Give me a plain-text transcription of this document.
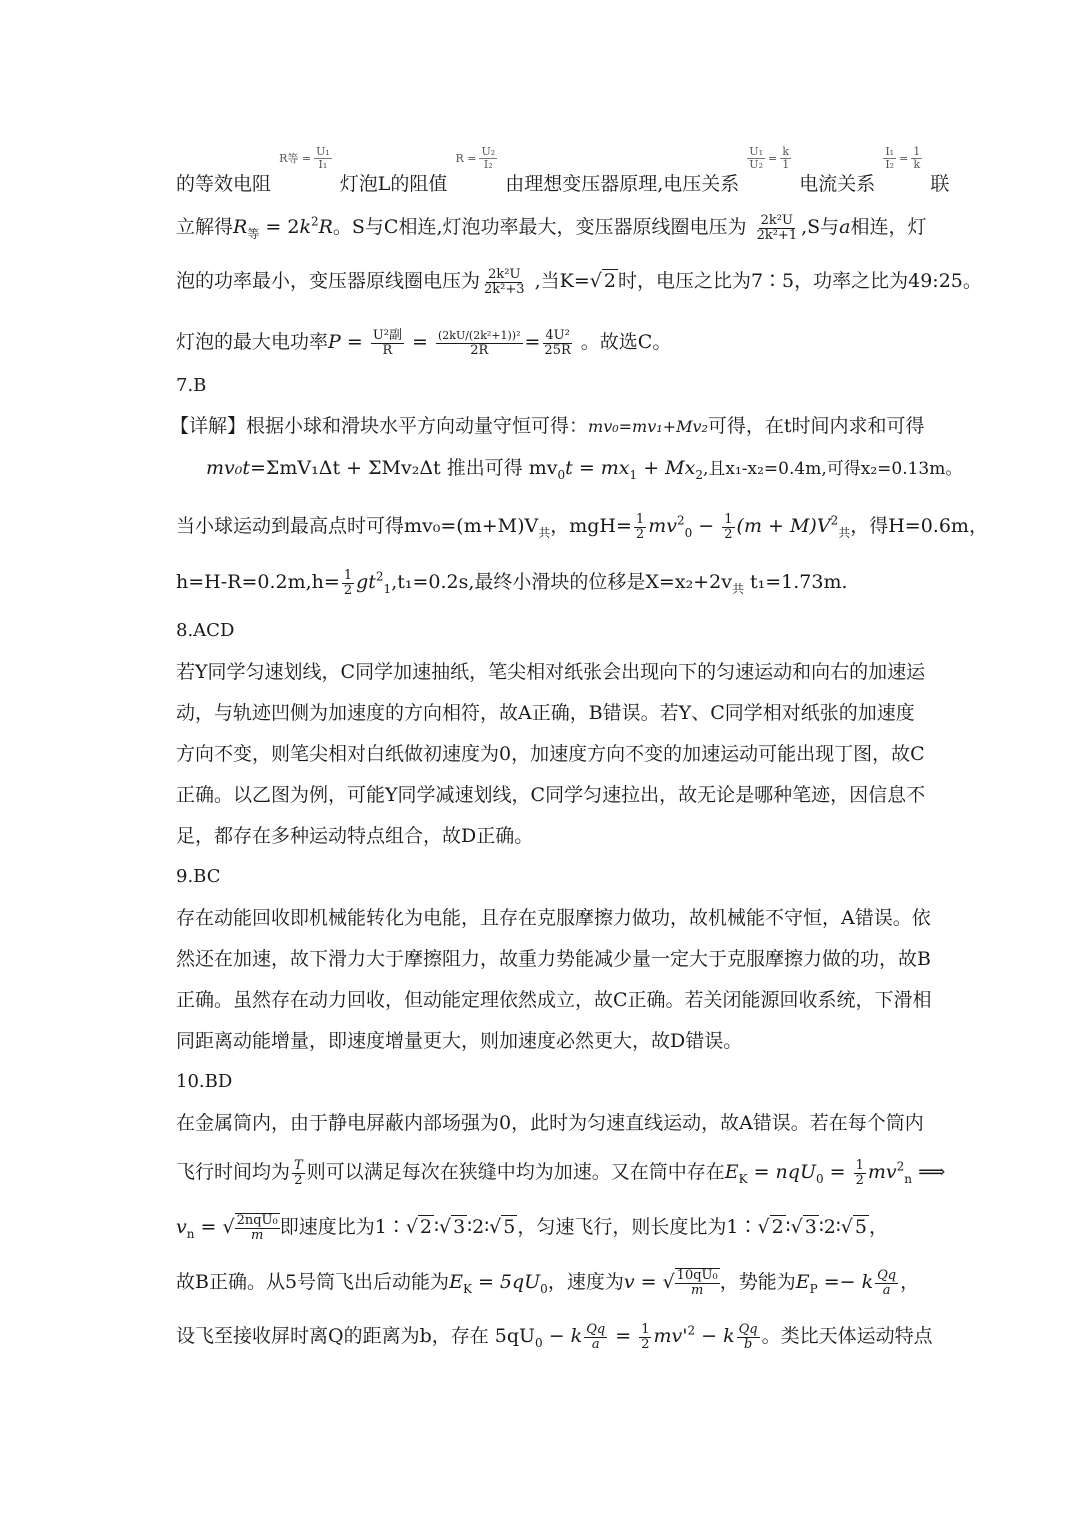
的等效电阻
R等 = $\frac{\text{U₁}}{\text{I₁}}$
灯泡L的阻值
$R = \frac{\text{U₂}}{\text{I₂}}$
由理想变压器原理,电压关系
$\frac{\text{U₁}}{\text{U₂}} = \frac{k}{1}$
电流关系
$\frac{\text{I₁}}{\text{I₂}} = \frac{1}{k}$
联
立解得$R_等 = 2k^2R$。S与C相连,灯泡功率最大，变压器原线圈电压为 $\frac{\text{2k²U}}{\text{2k²+1}} ,S$与a相连，灯
泡的功率最小，变压器原线圈电压为 $\frac{\text{2k²U}}{\text{2k²+3}}$ ,当K=√ 2 时，电压之比为7∶5，功率之比为49:25。
灯泡的最大电功率P = U²副
R = (2kU/(2k²+1))²
$2R = \frac{\text{4U²}}{25R}$ 。故选C。
7.B
【详解】根据小球和滑块水平方向动量守恒可得：mv₀=mv₁+Mv₂可得，在t时间内求和可得
mv₀t=ΣmV₁Δt + ΣMv₂Δt 推出可得 $mv_0t = mx_1 + Mx_2$,且x₁-x₂=0.4m,可得x₂=0.13m。
当小球运动到最高点时可得$mv_0=(m+M)V_共$，$mgH= \frac{1}{2} mv^2_0 - \frac{1}{2} (m + M)V^2_共$，得H=0.6m，
$h=H-R=0.2m,h= \frac{1}{2} gt^2_1,t_1=0.2s$,最终小滑块的位移是$X=x_2+2v_共$ t₁=1.73m.
8.ACD
若Y同学匀速划线，C同学加速抽纸，笔尖相对纸张会出现向下的匀速运动和向右的加速运
动，与轨迹凹侧为加速度的方向相符，故A正确，B错误。若Y、C同学相对纸张的加速度
方向不变，则笔尖相对白纸做初速度为0，加速度方向不变的加速运动可能出现丁图，故C
正确。以乙图为例，可能Y同学减速划线，C同学匀速拉出，故无论是哪种笔迹，因信息不
足，都存在多种运动特点组合，故D正确。
9.BC
存在动能回收即机械能转化为电能，且存在克服摩擦力做功，故机械能不守恒，A错误。依
然还在加速，故下滑力大于摩擦阻力，故重力势能减少量一定大于克服摩擦力做的功，故B
正确。虽然存在动力回收，但动能定理依然成立，故C正确。若关闭能源回收系统，下滑相
同距离动能增量，即速度增量更大，则加速度必然更大，故D错误。
10.BD
在金属筒内，由于静电屏蔽内部场强为0，此时为匀速直线运动，故A错误。若在每个筒内
飞行时间均为 $\frac{T}{2}$ 则可以满足每次在狭缝中均为加速。又在筒中存在$E_K = nqU_0 = \frac{1}{2} mv^2_n$ ⟹
$v_n$ = √ 2nqU₀
m 即速度比为1∶√ 2 ∶√ 3 ∶2∶√ 5 ，匀速飞行，则长度比为1∶√ 2 ∶√ 3 ∶2∶√ 5 ，
故B正确。从5号筒飞出后动能为$E_K = 5qU_0$，速度为v = √ $\frac{\text{10qU₀}}{m}$ ，势能为$E_P =- k \frac{Qq}{a}$ ，
设飞至接收屏时离Q的距离为b，存在 $5qU_0 - k \frac{Qq}{a} = \frac{1}{2} mv'^2 - k \frac{Qq}{b}$ 。类比天体运动特点
